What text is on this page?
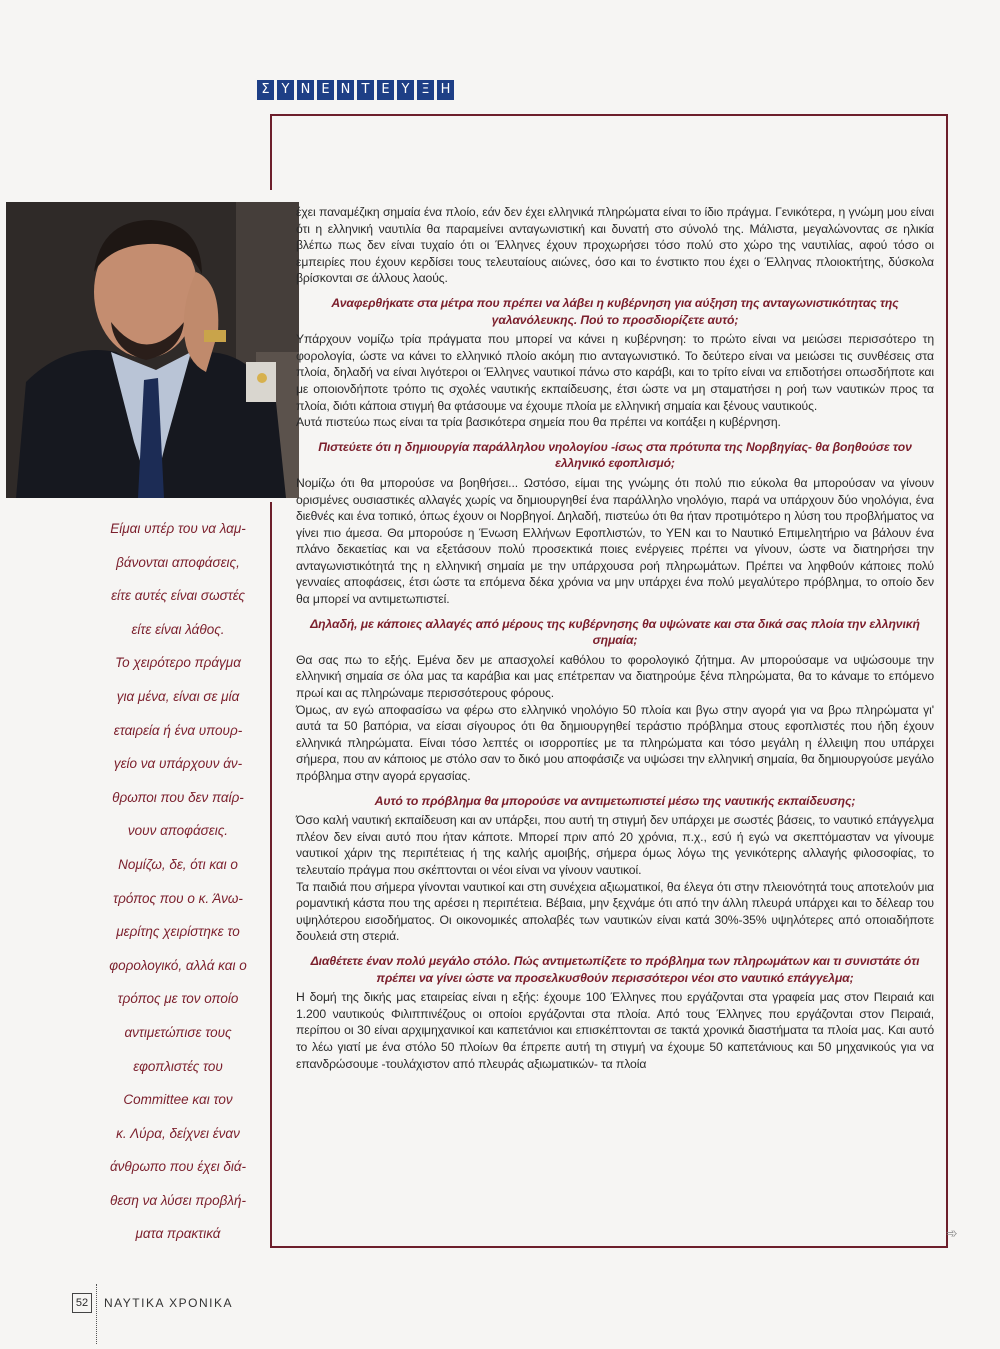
Σ Υ Ν Ε Ν Τ Ε Υ Ξ Η
Είμαι υπέρ του να λαμ-
βάνονται αποφάσεις,
είτε αυτές είναι σωστές
είτε είναι λάθος.
Το χειρότερο πράγμα
για μένα, είναι σε μία
εταιρεία ή ένα υπουρ-
γείο να υπάρχουν άν-
θρωποι που δεν παίρ-
νουν αποφάσεις.
Νομίζω, δε, ότι και ο
τρόπος που ο κ. Άνω-
μερίτης χειρίστηκε το
φορολογικό, αλλά και ο
τρόπος με τον οποίο
αντιμετώπισε τους
εφοπλιστές του
Committee και τον
κ. Λύρα, δείχνει έναν
άνθρωπο που έχει διά-
θεση να λύσει προβλή-
ματα πρακτικά

έχει παναμέζικη σημαία ένα πλοίο, εάν δεν έχει ελληνικά πληρώματα είναι το ίδιο πράγμα. Γενικότερα, η γνώμη μου είναι ότι η ελληνική ναυτιλία θα παραμείνει ανταγωνιστική και δυνατή στο σύνολό της. Μάλιστα, μεγαλώνοντας σε ηλικία βλέπω πως δεν είναι τυχαίο ότι οι Έλληνες έχουν προχωρήσει τόσο πολύ στο χώρο της ναυτιλίας, αφού τόσο οι εμπειρίες που έχουν κερδίσει τους τελευταίους αιώνες, όσο και το ένστικτο που έχει ο Έλληνας πλοιοκτήτης, δύσκολα βρίσκονται σε άλλους λαούς.

Αναφερθήκατε στα μέτρα που πρέπει να λάβει η κυβέρνηση για αύξηση της ανταγωνιστικότητας της γαλανόλευκης. Πού το προσδιορίζετε αυτό;

Υπάρχουν νομίζω τρία πράγματα που μπορεί να κάνει η κυβέρνηση: το πρώτο είναι να μειώσει περισσότερο τη φορολογία, ώστε να κάνει το ελληνικό πλοίο ακόμη πιο ανταγωνιστικό. Το δεύτερο είναι να μειώσει τις συνθέσεις στα πλοία, δηλαδή να είναι λιγότεροι οι Έλληνες ναυτικοί πάνω στο καράβι, και το τρίτο είναι να επιδοτήσει οπωσδήποτε και με οποιονδήποτε τρόπο τις σχολές ναυτικής εκπαίδευσης, έτσι ώστε να μη σταματήσει η ροή των ναυτικών προς τα πλοία, διότι κάποια στιγμή θα φτάσουμε να έχουμε πλοία με ελληνική σημαία και ξένους ναυτικούς.

Αυτά πιστεύω πως είναι τα τρία βασικότερα σημεία που θα πρέπει να κοιτάξει η κυβέρνηση.

Πιστεύετε ότι η δημιουργία παράλληλου νηολογίου -ίσως στα πρότυπα της Νορβηγίας- θα βοηθούσε τον ελληνικό εφοπλισμό;

Νομίζω ότι θα μπορούσε να βοηθήσει... Ωστόσο, είμαι της γνώμης ότι πολύ πιο εύκολα θα μπορούσαν να γίνουν ορισμένες ουσιαστικές αλλαγές χωρίς να δημιουργηθεί ένα παράλληλο νηολόγιο, παρά να υπάρχουν δύο νηολόγια, ένα διεθνές και ένα τοπικό, όπως έχουν οι Νορβηγοί. Δηλαδή, πιστεύω ότι θα ήταν προτιμότερο η λύση του προβλήματος να γίνει πιο άμεσα. Θα μπορούσε η Ένωση Ελλήνων Εφοπλιστών, το ΥΕΝ και το Ναυτικό Επιμελητήριο να βάλουν ένα πλάνο δεκαετίας και να εξετάσουν πολύ προσεκτικά ποιες ενέργειες πρέπει να γίνουν, ώστε να διατηρήσει την ανταγωνιστικότητά της η ελληνική σημαία με την υπάρχουσα ροή πληρωμάτων. Πρέπει να ληφθούν κάποιες πολύ γενναίες αποφάσεις, έτσι ώστε τα επόμενα δέκα χρόνια να μην υπάρχει ένα πολύ μεγαλύτερο πρόβλημα, το οποίο δεν θα μπορεί να αντιμετωπιστεί.

Δηλαδή, με κάποιες αλλαγές από μέρους της κυβέρνησης θα υψώνατε και στα δικά σας πλοία την ελληνική σημαία;

Θα σας πω το εξής. Εμένα δεν με απασχολεί καθόλου το φορολογικό ζήτημα. Αν μπορούσαμε να υψώσουμε την ελληνική σημαία σε όλα μας τα καράβια και μας επέτρεπαν να διατηρούμε ξένα πληρώματα, θα το κάναμε το επόμενο πρωί και ας πληρώναμε περισσότερους φόρους.

Όμως, αν εγώ αποφασίσω να φέρω στο ελληνικό νηολόγιο 50 πλοία και βγω στην αγορά για να βρω πληρώματα γι' αυτά τα 50 βαπόρια, να είσαι σίγουρος ότι θα δημιουργηθεί τεράστιο πρόβλημα στους εφοπλιστές που ήδη έχουν ελληνικά πληρώματα. Είναι τόσο λεπτές οι ισορροπίες με τα πληρώματα και τόσο μεγάλη η έλλειψη που υπάρχει σήμερα, που αν κάποιος με στόλο σαν το δικό μου αποφάσιζε να υψώσει την ελληνική σημαία, θα δημιουργούσε μεγάλο πρόβλημα στην αγορά εργασίας.

Αυτό το πρόβλημα θα μπορούσε να αντιμετωπιστεί μέσω της ναυτικής εκπαίδευσης;

Όσο καλή ναυτική εκπαίδευση και αν υπάρξει, που αυτή τη στιγμή δεν υπάρχει με σωστές βάσεις, το ναυτικό επάγγελμα πλέον δεν είναι αυτό που ήταν κάποτε. Μπορεί πριν από 20 χρόνια, π.χ., εσύ ή εγώ να σκεπτόμασταν να γίνουμε ναυτικοί χάριν της περιπέτειας ή της καλής αμοιβής, σήμερα όμως λόγω της γενικότερης αλλαγής φιλοσοφίας, το τελευταίο πράγμα που σκέπτονται οι νέοι είναι να γίνουν ναυτικοί.

Τα παιδιά που σήμερα γίνονται ναυτικοί και στη συνέχεια αξιωματικοί, θα έλεγα ότι στην πλειονότητά τους αποτελούν μια ρομαντική κάστα που της αρέσει η περιπέτεια. Βέβαια, μην ξεχνάμε ότι από την άλλη πλευρά υπάρχει και το δέλεαρ του υψηλότερου εισοδήματος. Οι οικονομικές απολαβές των ναυτικών είναι κατά 30%-35% υψηλότερες από οποιαδήποτε δουλειά στη στεριά.

Διαθέτετε έναν πολύ μεγάλο στόλο. Πώς αντιμετωπίζετε το πρόβλημα των πληρωμάτων και τι συνιστάτε ότι πρέπει να γίνει ώστε να προσελκυσθούν περισσότεροι νέοι στο ναυτικό επάγγελμα;

Η δομή της δικής μας εταιρείας είναι η εξής: έχουμε 100 Έλληνες που εργάζονται στα γραφεία μας στον Πειραιά και 1.200 ναυτικούς Φιλιππινέζους οι οποίοι εργάζονται στα πλοία. Από τους Έλληνες που εργάζονται στον Πειραιά, περίπου οι 30 είναι αρχιμηχανικοί και καπετάνιοι και επισκέπτονται σε τακτά χρονικά διαστήματα τα πλοία μας. Και αυτό το λέω γιατί με ένα στόλο 50 πλοίων θα έπρεπε αυτή τη στιγμή να έχουμε 50 καπετάνιους και 50 μηχανικούς για να επανδρώσουμε -τουλάχιστον από πλευράς αξιωματικών- τα πλοία

➾
52	ΝΑΥΤΙΚΑ ΧΡΟΝΙΚΑ
